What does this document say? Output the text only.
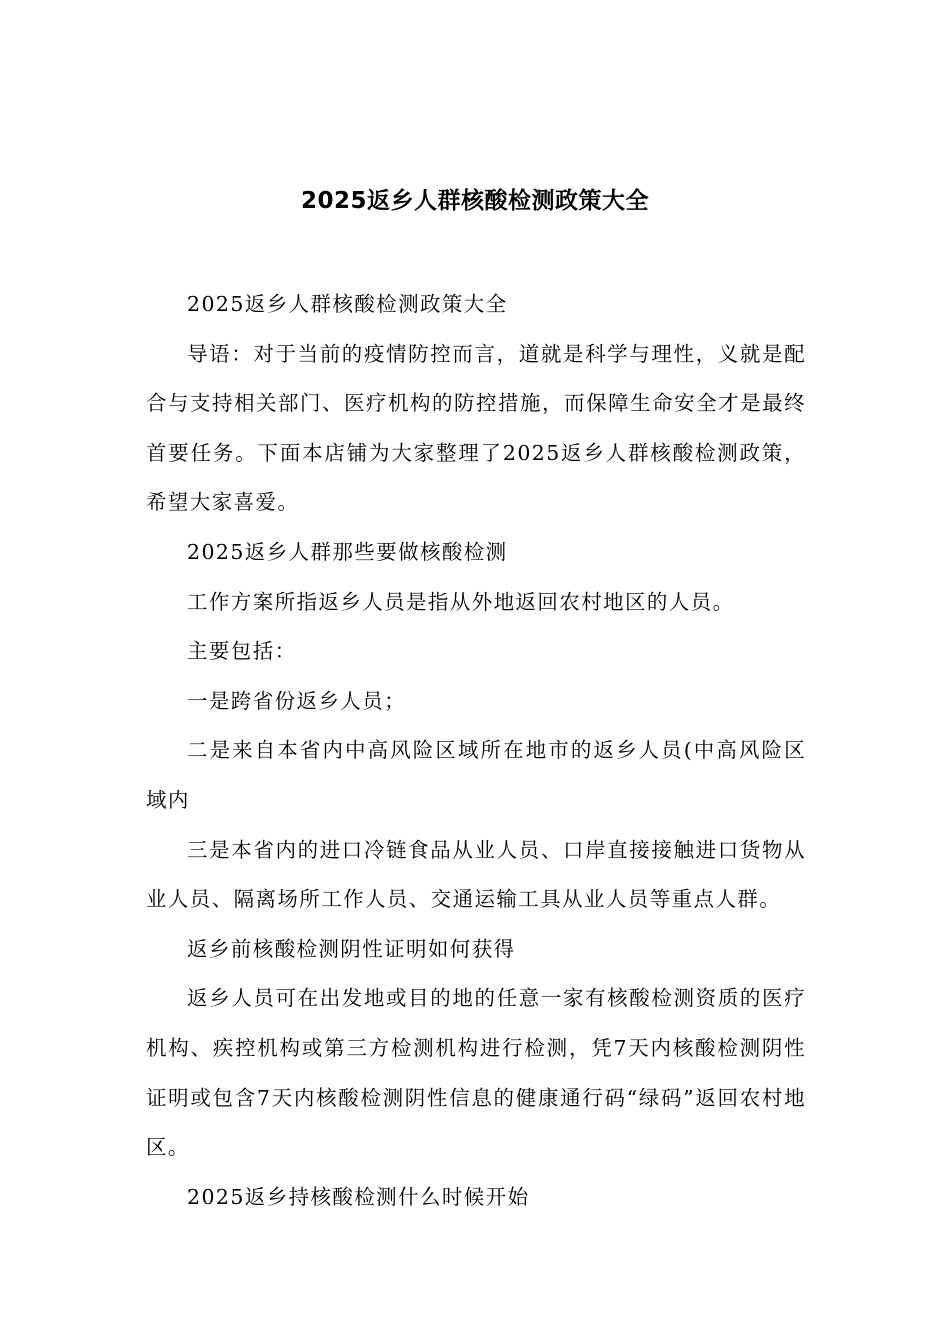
2025返乡人群核酸检测政策大全

2025返乡人群核酸检测政策大全

导语：对于当前的疫情防控而言，道就是科学与理性，义就是配合与支持相关部门、医疗机构的防控措施，而保障生命安全才是最终首要任务。下面本店铺为大家整理了2025返乡人群核酸检测政策，希望大家喜爱。

2025返乡人群那些要做核酸检测

工作方案所指返乡人员是指从外地返回农村地区的人员。

主要包括：

一是跨省份返乡人员；

二是来自本省内中高风险区域所在地市的返乡人员(中高风险区域内

三是本省内的进口冷链食品从业人员、口岸直接接触进口货物从业人员、隔离场所工作人员、交通运输工具从业人员等重点人群。

返乡前核酸检测阴性证明如何获得

返乡人员可在出发地或目的地的任意一家有核酸检测资质的医疗机构、疾控机构或第三方检测机构进行检测，凭7天内核酸检测阴性证明或包含7天内核酸检测阴性信息的健康通行码“绿码”返回农村地区。

2025返乡持核酸检测什么时候开始
